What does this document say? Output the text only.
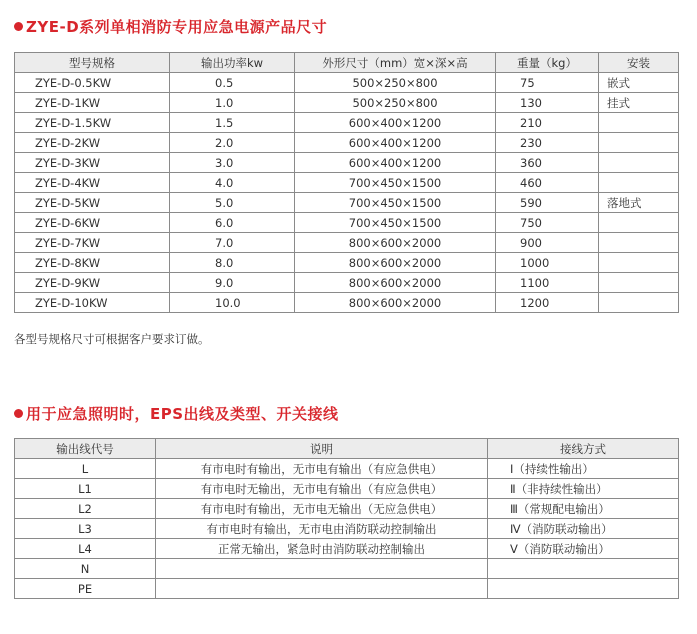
ZYE-D系列单相消防专用应急电源产品尺寸
型号规格	输出功率kw	外形尺寸（mm）宽×深×高	重量（kg）	安装
ZYE-D-0.5KW	0.5	500×250×800	75	嵌式
ZYE-D-1KW	1.0	500×250×800	130	挂式
ZYE-D-1.5KW	1.5	600×400×1200	210	
ZYE-D-2KW	2.0	600×400×1200	230	
ZYE-D-3KW	3.0	600×400×1200	360	
ZYE-D-4KW	4.0	700×450×1500	460	
ZYE-D-5KW	5.0	700×450×1500	590	落地式
ZYE-D-6KW	6.0	700×450×1500	750	
ZYE-D-7KW	7.0	800×600×2000	900	
ZYE-D-8KW	8.0	800×600×2000	1000	
ZYE-D-9KW	9.0	800×600×2000	1100	
ZYE-D-10KW	10.0	800×600×2000	1200	
各型号规格尺寸可根据客户要求订做。
用于应急照明时，EPS出线及类型、开关接线
输出线代号	说明	接线方式
L	有市电时有输出，无市电有输出（有应急供电）	Ⅰ（持续性输出）
L1	有市电时无输出，无市电有输出（有应急供电）	Ⅱ（非持续性输出）
L2	有市电时有输出，无市电无输出（无应急供电）	Ⅲ（常规配电输出）
L3	有市电时有输出，无市电由消防联动控制输出	Ⅳ（消防联动输出）
L4	正常无输出，紧急时由消防联动控制输出	Ⅴ（消防联动输出）
N		
PE		
